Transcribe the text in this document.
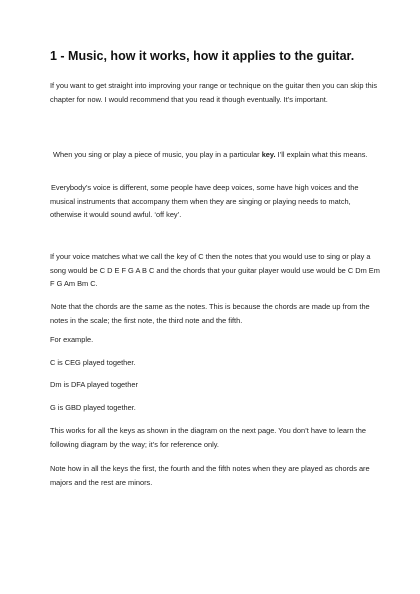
1 - Music, how it works, how it applies to the guitar.

If you want to get straight into improving your range or technique on the guitar then you can skip this chapter for now. I would recommend that you read it though eventually. It’s important.

When you sing or play a piece of music, you play in a particular key. I’ll explain what this means.

Everybody’s voice is different, some people have deep voices, some have high voices and the musical instruments that accompany them when they are singing or playing needs to match, otherwise it would sound awful. ‘off key’.

If your voice matches what we call the key of C then the notes that you would use to sing or play a song would be C D E F G A B C and the chords that your guitar player would use would be C Dm Em F G Am Bm C.

Note that the chords are the same as the notes. This is because the chords are made up from the notes in the scale; the first note, the third note and the fifth.

For example.

C is CEG played together.

Dm is DFA played together

G is GBD played together.

This works for all the keys as shown in the diagram on the next page. You don’t have to learn the following diagram by the way; it’s for reference only.

Note how in all the keys the first, the fourth and the fifth notes when they are played as chords are majors and the rest are minors.
